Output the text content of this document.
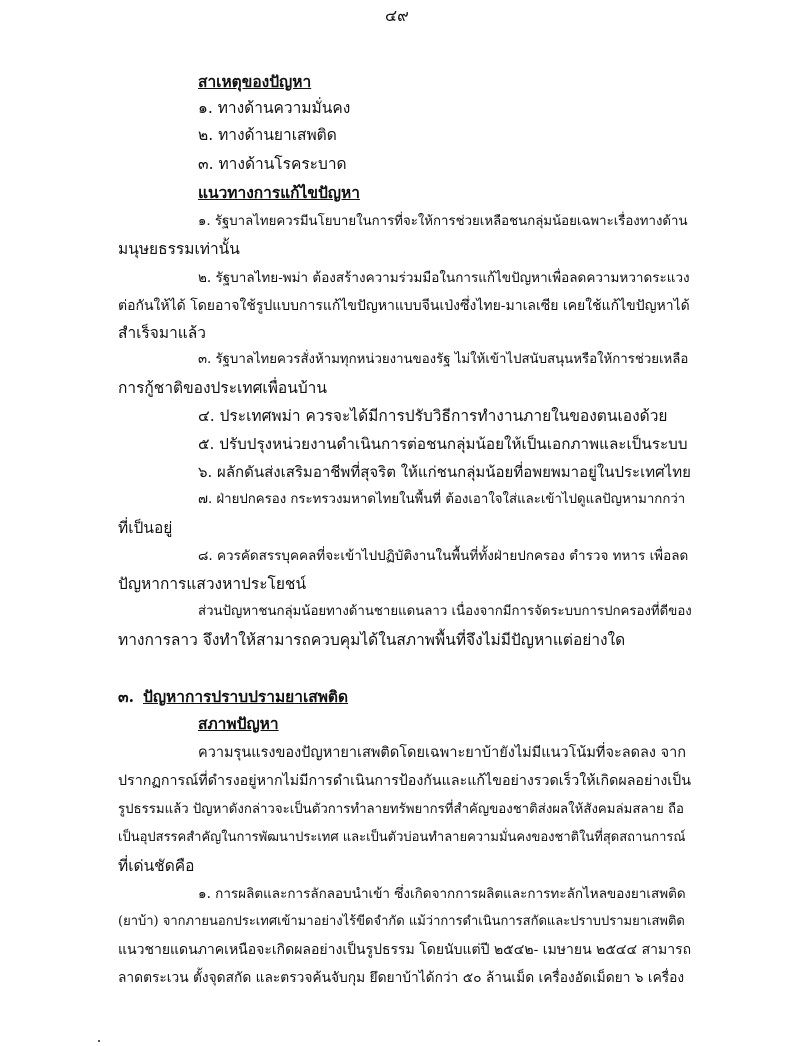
๔๙
สาเหตุของปัญหา
๑. ทางด้านความมั่นคง
๒. ทางด้านยาเสพติด
๓. ทางด้านโรคระบาด
แนวทางการแก้ไขปัญหา
๑. รัฐบาลไทยควรมีนโยบายในการที่จะให้การช่วยเหลือชนกลุ่มน้อยเฉพาะเรื่องทางด้าน
มนุษยธรรมเท่านั้น
๒. รัฐบาลไทย-พม่า ต้องสร้างความร่วมมือในการแก้ไขปัญหาเพื่อลดความหวาดระแวง
ต่อกันให้ได้ โดยอาจใช้รูปแบบการแก้ไขปัญหาแบบจีนเป่งซึ่งไทย-มาเลเซีย เคยใช้แก้ไขปัญหาได้
สำเร็จมาแล้ว
๓. รัฐบาลไทยควรสั่งห้ามทุกหน่วยงานของรัฐ ไม่ให้เข้าไปสนับสนุนหรือให้การช่วยเหลือ
การกู้ชาติของประเทศเพื่อนบ้าน
๔. ประเทศพม่า ควรจะได้มีการปรับวิธีการทำงานภายในของตนเองด้วย
๕. ปรับปรุงหน่วยงานดำเนินการต่อชนกลุ่มน้อยให้เป็นเอกภาพและเป็นระบบ
๖. ผลักดันส่งเสริมอาชีพที่สุจริต ให้แก่ชนกลุ่มน้อยที่อพยพมาอยู่ในประเทศไทย
๗. ฝ่ายปกครอง กระทรวงมหาดไทยในพื้นที่ ต้องเอาใจใส่และเข้าไปดูแลปัญหามากกว่า
ที่เป็นอยู่
๘. ควรคัดสรรบุคคลที่จะเข้าไปปฏิบัติงานในพื้นที่ทั้งฝ่ายปกครอง ตำรวจ ทหาร เพื่อลด
ปัญหาการแสวงหาประโยชน์
ส่วนปัญหาชนกลุ่มน้อยทางด้านชายแดนลาว เนื่องจากมีการจัดระบบการปกครองที่ดีของ
ทางการลาว จึงทำให้สามารถควบคุมได้ในสภาพพื้นที่จึงไม่มีปัญหาแต่อย่างใด
๓. ปัญหาการปราบปรามยาเสพติด
สภาพปัญหา
ความรุนแรงของปัญหายาเสพติดโดยเฉพาะยาบ้ายังไม่มีแนวโน้มที่จะลดลง จาก
ปรากฏการณ์ที่ดำรงอยู่หากไม่มีการดำเนินการป้องกันและแก้ไขอย่างรวดเร็วให้เกิดผลอย่างเป็น
รูปธรรมแล้ว ปัญหาดังกล่าวจะเป็นตัวการทำลายทรัพยากรที่สำคัญของชาติส่งผลให้สังคมล่มสลาย ถือ
เป็นอุปสรรคสำคัญในการพัฒนาประเทศ และเป็นตัวบ่อนทำลายความมั่นคงของชาติในที่สุดสถานการณ์
ที่เด่นชัดคือ
๑. การผลิตและการลักลอบนำเข้า ซึ่งเกิดจากการผลิตและการทะลักไหลของยาเสพติด
(ยาบ้า) จากภายนอกประเทศเข้ามาอย่างไร้ขีดจำกัด แม้ว่าการดำเนินการสกัดและปราบปรามยาเสพติด
แนวชายแดนภาคเหนือจะเกิดผลอย่างเป็นรูปธรรม โดยนับแต่ปี ๒๕๔๒- เมษายน ๒๕๔๔ สามารถ
ลาดตระเวน ตั้งจุดสกัด และตรวจค้นจับกุม ยึดยาบ้าได้กว่า ๕๐ ล้านเม็ด เครื่องอัดเม็ดยา ๖ เครื่อง
